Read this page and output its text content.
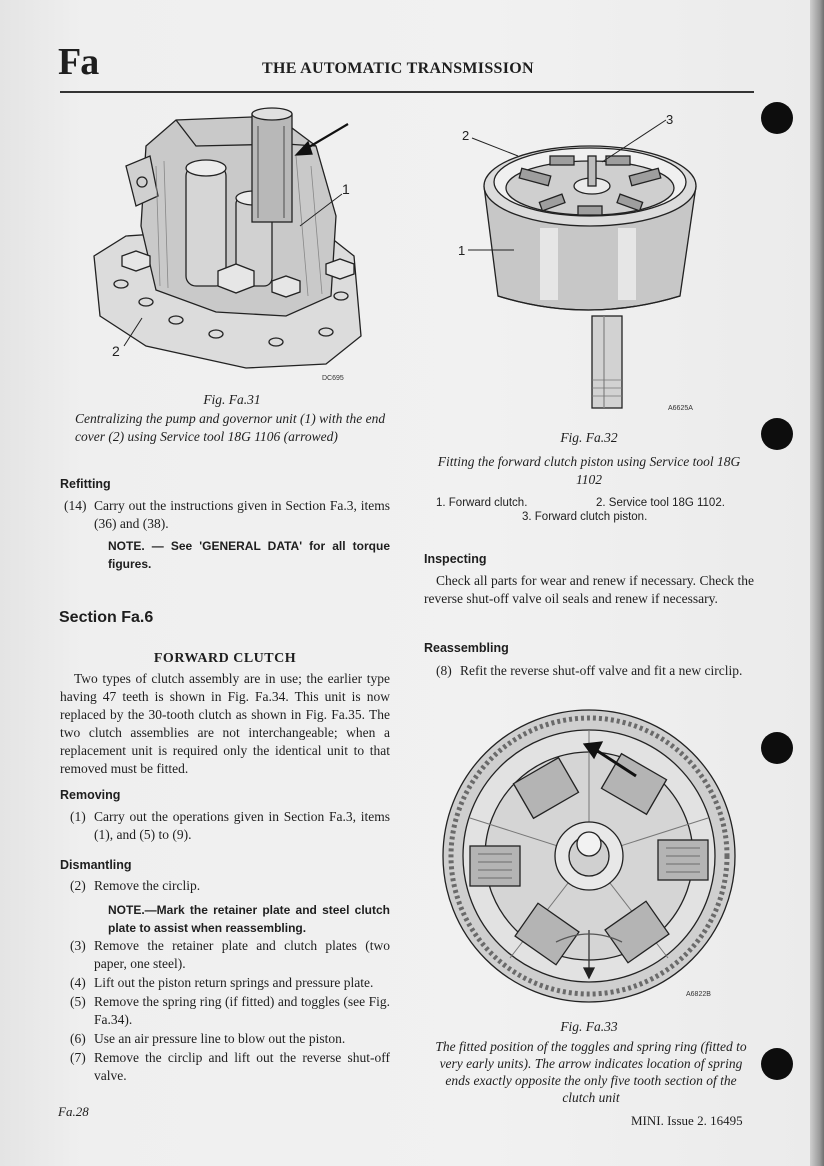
Fa	THE AUTOMATIC TRANSMISSION
1
2
DC695
Fig. Fa.31
Centralizing the pump and governor unit (1) with the end cover (2) using Service tool 18G 1106 (arrowed)
2
3
1
A6625A
Fig. Fa.32
Fitting the forward clutch piston using Service tool 18G 1102
1. Forward clutch.	2. Service tool 18G 1102.
3. Forward clutch piston.
Refitting
(14) Carry out the instructions given in Section Fa.3, items (36) and (38).
NOTE. — See 'GENERAL DATA' for all torque figures.
Section Fa.6
FORWARD CLUTCH
Two types of clutch assembly are in use; the earlier type having 47 teeth is shown in Fig. Fa.34. This unit is now replaced by the 30-tooth clutch as shown in Fig. Fa.35. The two clutch assemblies are not interchangeable; when a replacement unit is required only the identical unit to that removed must be fitted.
Removing
(1) Carry out the operations given in Section Fa.3, items (1), and (5) to (9).
Dismantling
(2) Remove the circlip.
NOTE.—Mark the retainer plate and steel clutch plate to assist when reassembling.
(3) Remove the retainer plate and clutch plates (two paper, one steel).
(4) Lift out the piston return springs and pressure plate.
(5) Remove the spring ring (if fitted) and toggles (see Fig. Fa.34).
(6) Use an air pressure line to blow out the piston.
(7) Remove the circlip and lift out the reverse shut-off valve.
Inspecting
Check all parts for wear and renew if necessary. Check the reverse shut-off valve oil seals and renew if necessary.
Reassembling
(8) Refit the reverse shut-off valve and fit a new circlip.
A6822B
Fig. Fa.33
The fitted position of the toggles and spring ring (fitted to very early units). The arrow indicates location of spring ends exactly opposite the only five tooth section of the clutch unit
Fa.28
MINI. Issue 2. 16495
